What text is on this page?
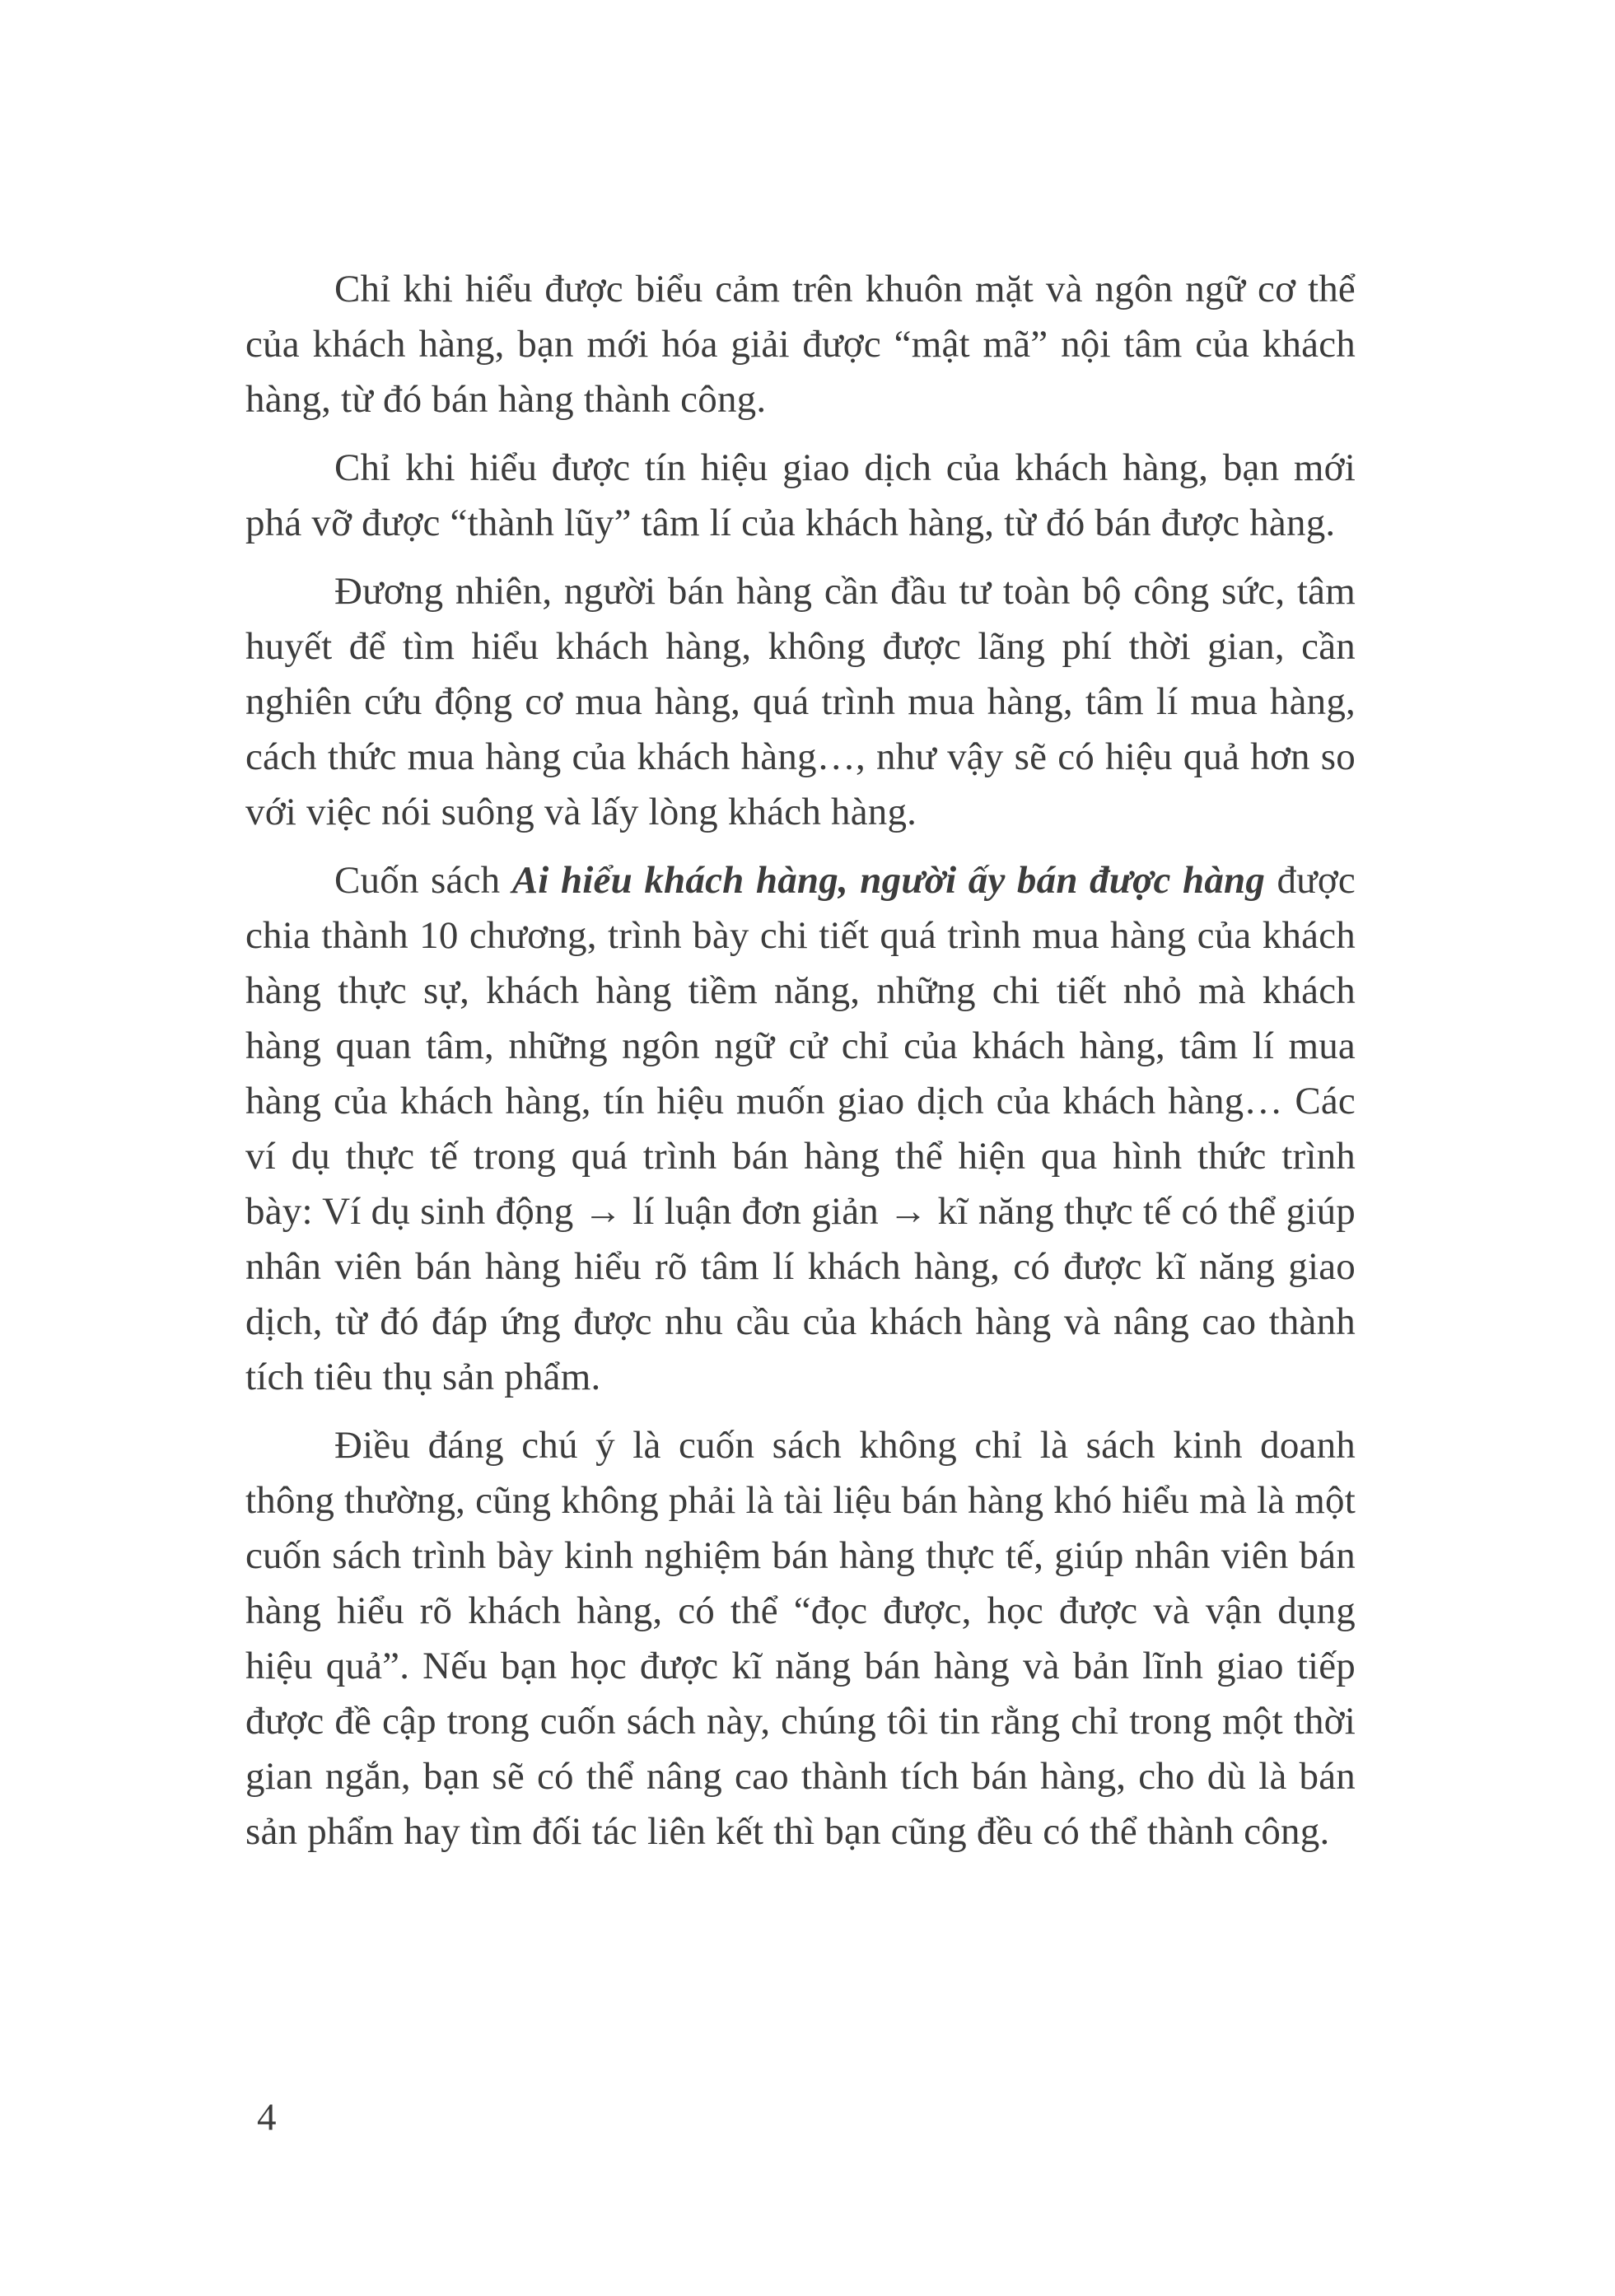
Chỉ khi hiểu được biểu cảm trên khuôn mặt và ngôn ngữ cơ thể của khách hàng, bạn mới hóa giải được “mật mã” nội tâm của khách hàng, từ đó bán hàng thành công.

Chỉ khi hiểu được tín hiệu giao dịch của khách hàng, bạn mới phá vỡ được “thành lũy” tâm lí của khách hàng, từ đó bán được hàng.

Đương nhiên, người bán hàng cần đầu tư toàn bộ công sức, tâm huyết để tìm hiểu khách hàng, không được lãng phí thời gian, cần nghiên cứu động cơ mua hàng, quá trình mua hàng, tâm lí mua hàng, cách thức mua hàng của khách hàng…, như vậy sẽ có hiệu quả hơn so với việc nói suông và lấy lòng khách hàng.

Cuốn sách Ai hiểu khách hàng, người ấy bán được hàng được chia thành 10 chương, trình bày chi tiết quá trình mua hàng của khách hàng thực sự, khách hàng tiềm năng, những chi tiết nhỏ mà khách hàng quan tâm, những ngôn ngữ cử chỉ của khách hàng, tâm lí mua hàng của khách hàng, tín hiệu muốn giao dịch của khách hàng… Các ví dụ thực tế trong quá trình bán hàng thể hiện qua hình thức trình bày: Ví dụ sinh động → lí luận đơn giản → kĩ năng thực tế có thể giúp nhân viên bán hàng hiểu rõ tâm lí khách hàng, có được kĩ năng giao dịch, từ đó đáp ứng được nhu cầu của khách hàng và nâng cao thành tích tiêu thụ sản phẩm.

Điều đáng chú ý là cuốn sách không chỉ là sách kinh doanh thông thường, cũng không phải là tài liệu bán hàng khó hiểu mà là một cuốn sách trình bày kinh nghiệm bán hàng thực tế, giúp nhân viên bán hàng hiểu rõ khách hàng, có thể “đọc được, học được và vận dụng hiệu quả”. Nếu bạn học được kĩ năng bán hàng và bản lĩnh giao tiếp được đề cập trong cuốn sách này, chúng tôi tin rằng chỉ trong một thời gian ngắn, bạn sẽ có thể nâng cao thành tích bán hàng, cho dù là bán sản phẩm hay tìm đối tác liên kết thì bạn cũng đều có thể thành công.

4
